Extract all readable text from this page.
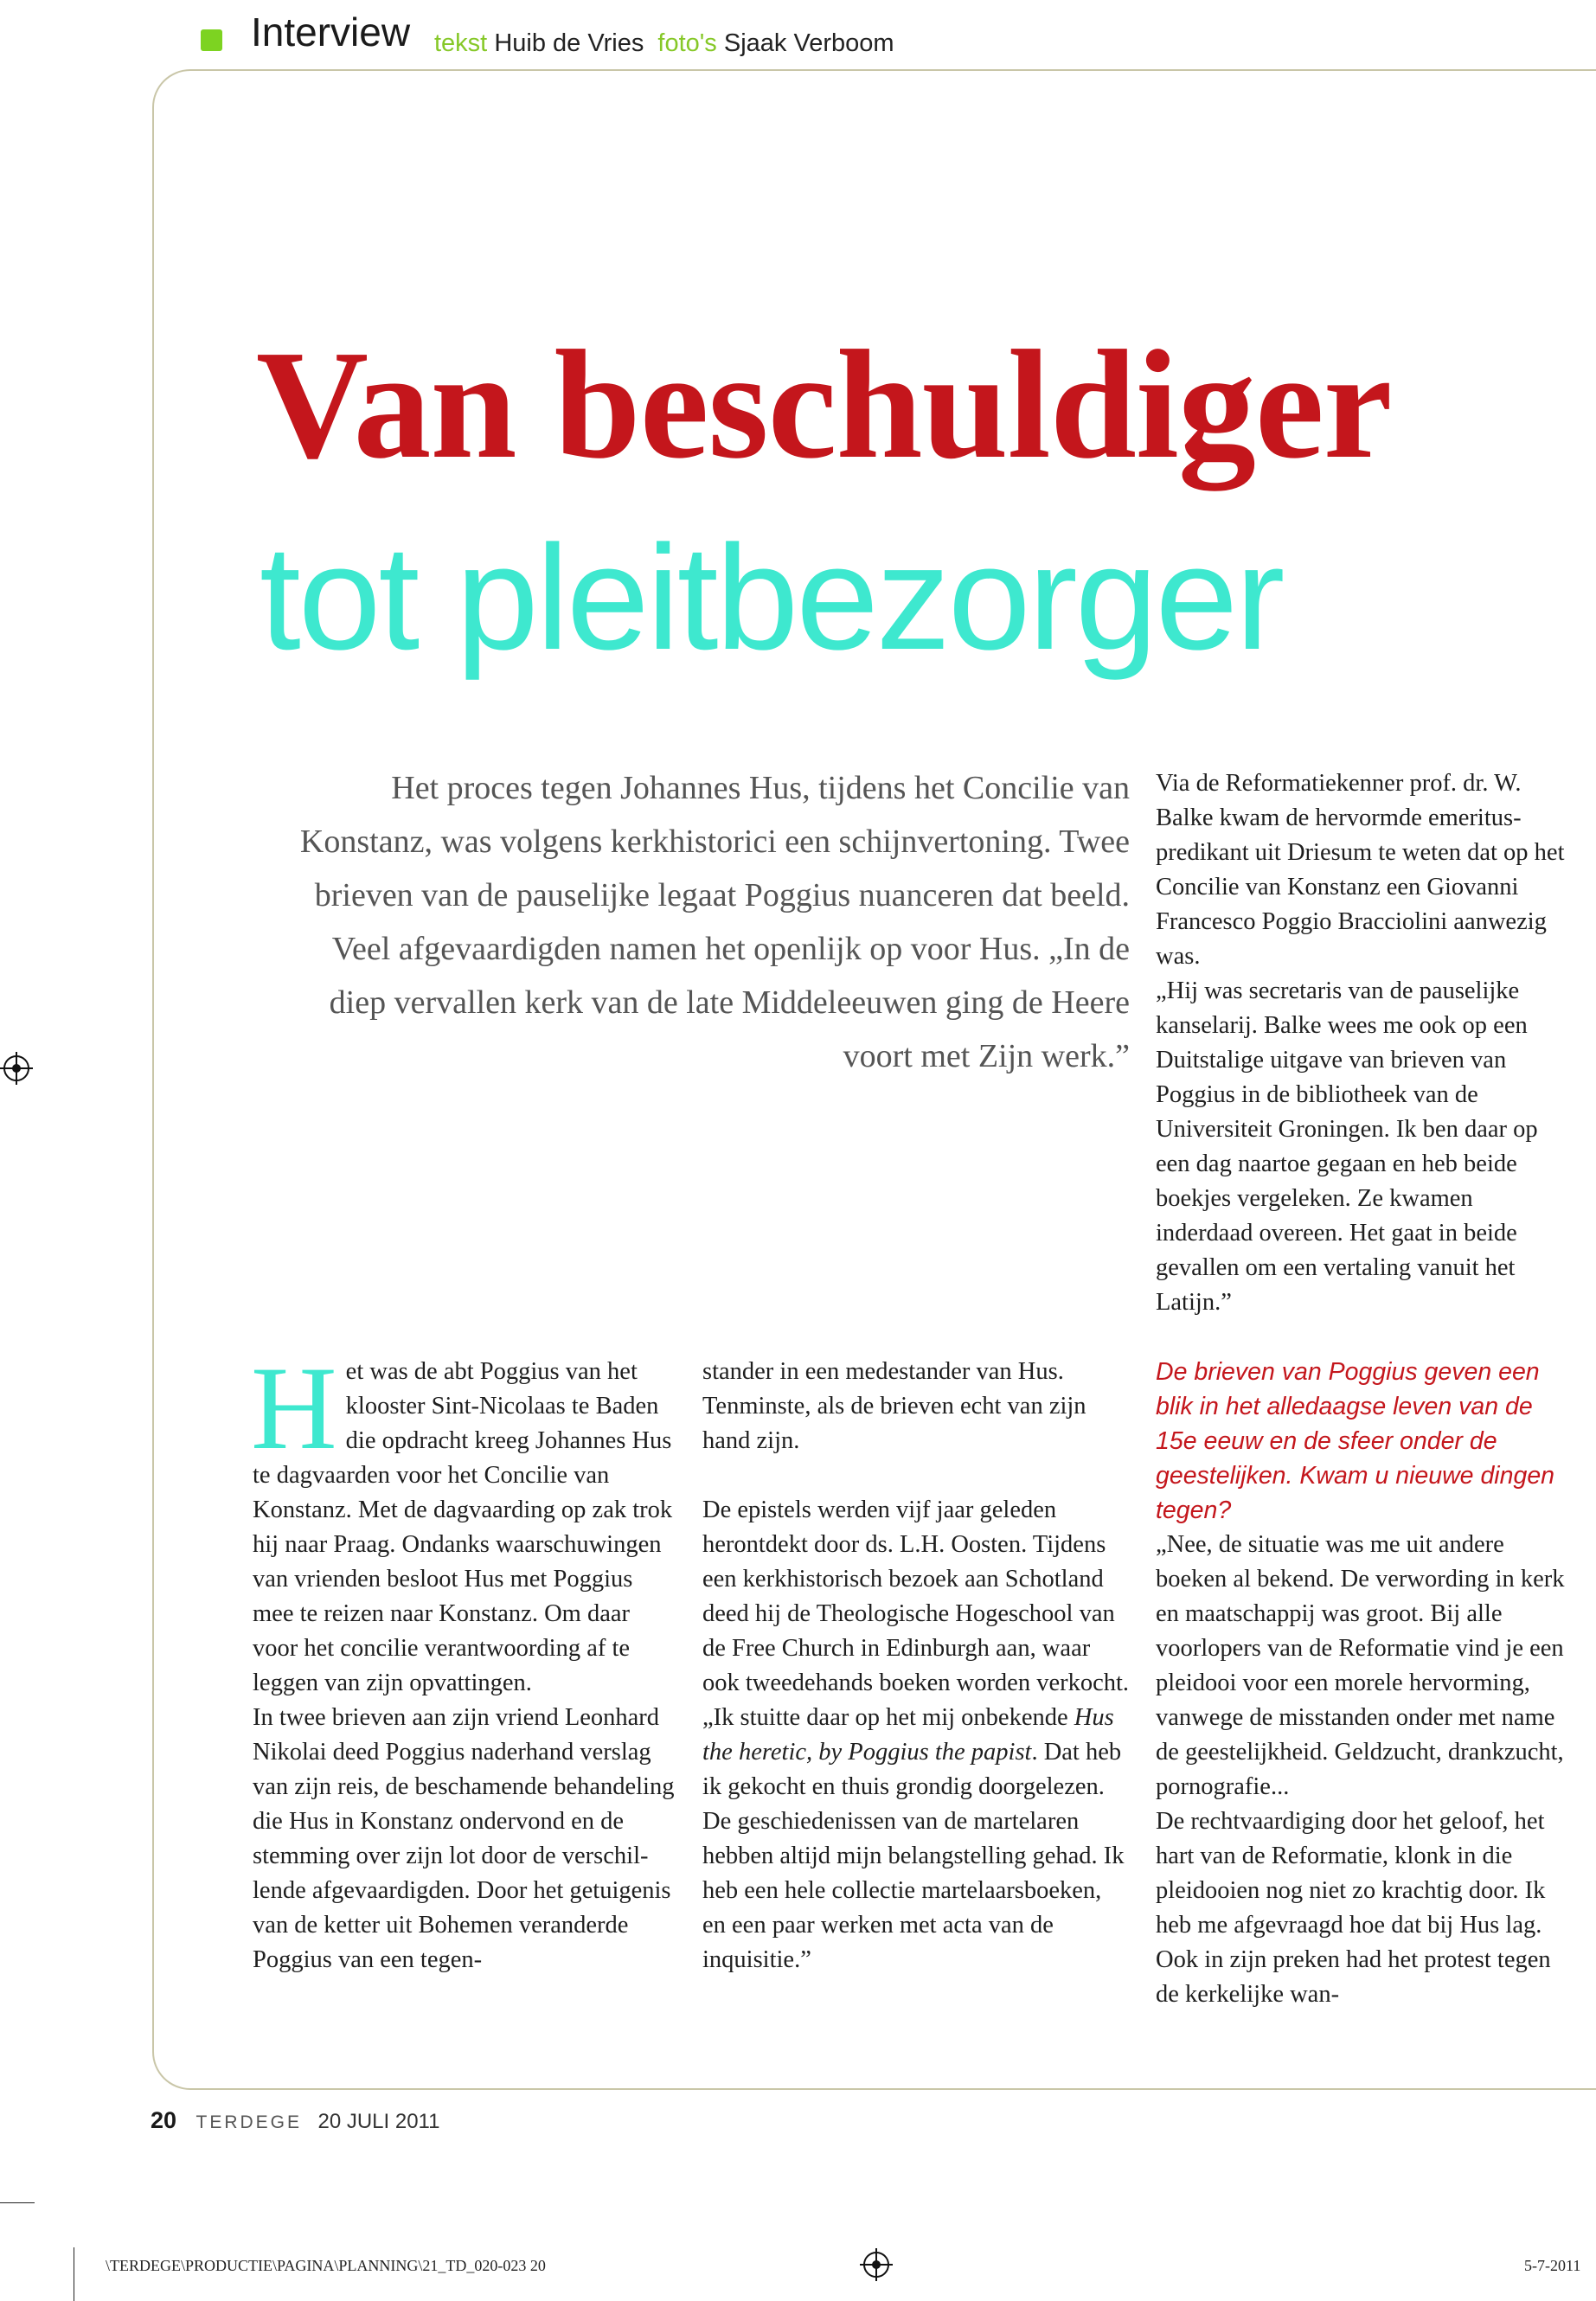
Interview tekst Huib de Vries foto's Sjaak Verboom
Van beschuldiger
tot pleitbezorger
Het proces tegen Johannes Hus, tijdens het Concilie van Konstanz, was volgens kerkhistorici een schijnvertoning. Twee brieven van de pauselijke legaat Poggius nuanceren dat beeld. Veel afgevaardigden namen het openlijk op voor Hus. „In de diep vervallen kerk van de late Middeleeuwen ging de Heere voort met Zijn werk.”

Via de Reformatiekenner prof. dr. W. Balke kwam de hervormde emerituspredikant uit Driesum te weten dat op het Concilie van Konstanz een Giovanni Francesco Poggio Bracciolini aanwezig was.

„Hij was secretaris van de pauselijke kanselarij. Balke wees me ook op een Duitstalige uitgave van brieven van Poggius in de bibliotheek van de Universiteit Groningen. Ik ben daar op een dag naartoe gegaan en heb beide boekjes vergeleken. Ze kwamen inderdaad overeen. Het gaat in beide gevallen om een vertaling vanuit het Latijn.”

H et was de abt Poggius van het klooster Sint-Nicolaas te Baden die opdracht kreeg Johannes Hus te dagvaarden voor het Concilie van Konstanz. Met de dagvaarding op zak trok hij naar Praag. Ondanks waarschuwingen van vrienden besloot Hus met Poggius mee te reizen naar Konstanz. Om daar voor het concilie verantwoording af te leggen van zijn opvattingen.

In twee brieven aan zijn vriend Leonhard Nikolai deed Poggius naderhand verslag van zijn reis, de beschamende behandeling die Hus in Konstanz ondervond en de stemming over zijn lot door de verschillende afgevaardigden. Door het getuigenis van de ketter uit Bohemen veranderde Poggius van een tegen-

stander in een medestander van Hus. Tenminste, als de brieven echt van zijn hand zijn.

De epistels werden vijf jaar geleden herontdekt door ds. L.H. Oosten. Tijdens een kerkhistorisch bezoek aan Schotland deed hij de Theologische Hogeschool van de Free Church in Edinburgh aan, waar ook tweedehands boeken worden verkocht.

„Ik stuitte daar op het mij onbekende Hus the heretic, by Poggius the papist. Dat heb ik gekocht en thuis grondig doorgelezen. De geschiedenissen van de martelaren hebben altijd mijn belangstelling gehad. Ik heb een hele collectie martelaarsboeken, en een paar werken met acta van de inquisitie.”

De brieven van Poggius geven een blik in het alledaagse leven van de 15e eeuw en de sfeer onder de geestelijken. Kwam u nieuwe dingen tegen?

„Nee, de situatie was me uit andere boeken al bekend. De verwording in kerk en maatschappij was groot. Bij alle voorlopers van de Reformatie vind je een pleidooi voor een morele hervorming, vanwege de misstanden onder met name de geestelijkheid. Geldzucht, drankzucht, pornografie...

De rechtvaardiging door het geloof, het hart van de Reformatie, klonk in die pleidooien nog niet zo krachtig door. Ik heb me afgevraagd hoe dat bij Hus lag. Ook in zijn preken had het protest tegen de kerkelijke wan-

20 TERDEGE 20 JULI 2011
\TERDEGE\PRODUCTIE\PAGINA\PLANNING\21_TD_020-023 20	5-7-2011
